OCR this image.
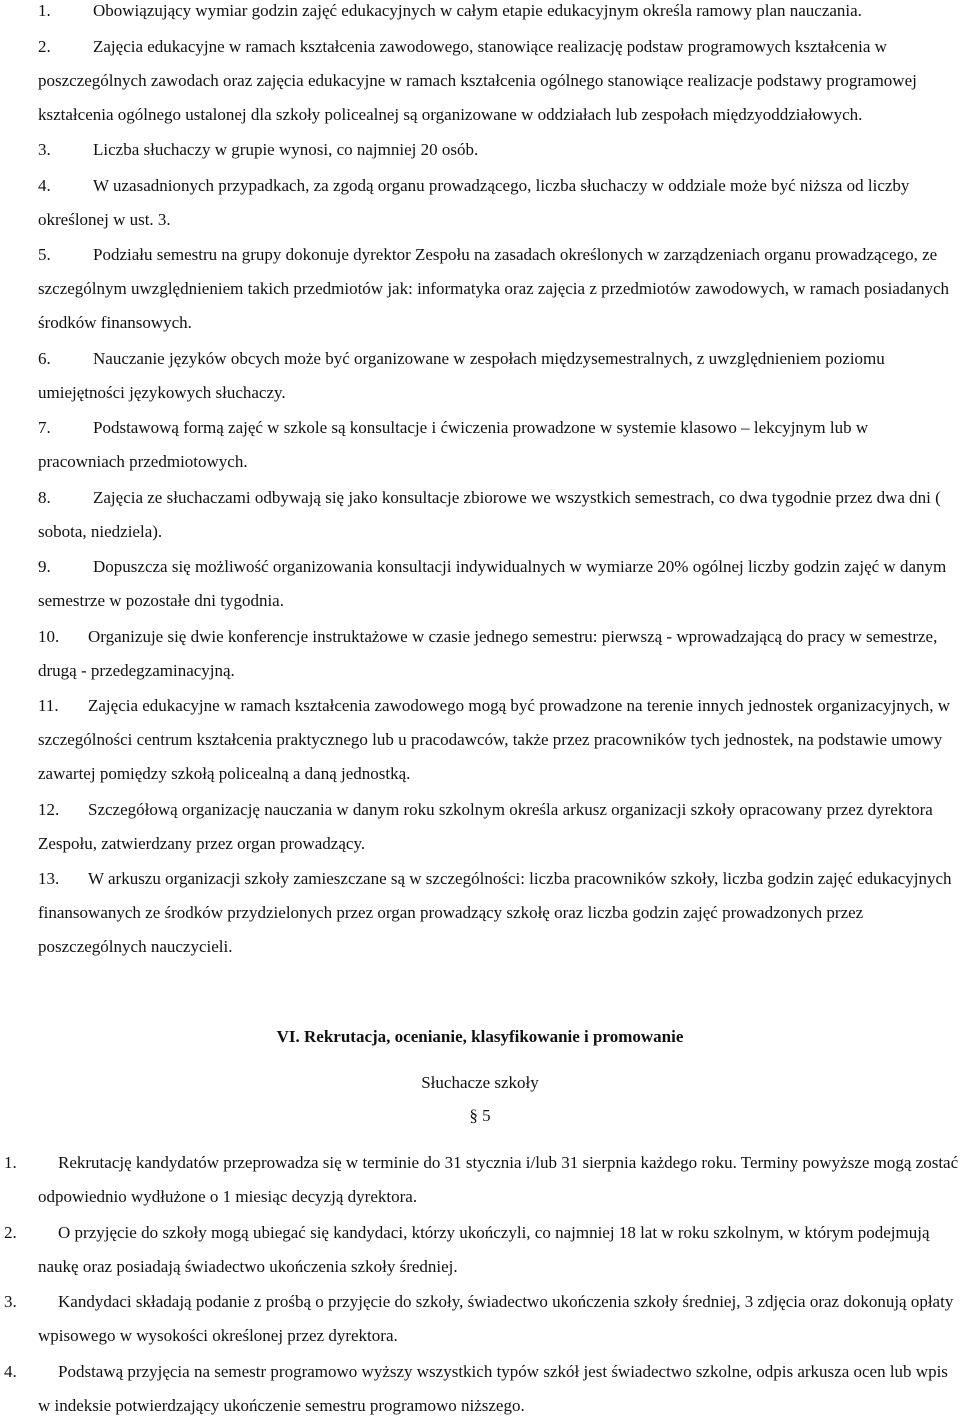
1. Obowiązujący wymiar godzin zajęć edukacyjnych w całym etapie edukacyjnym określa ramowy plan nauczania.

2. Zajęcia edukacyjne w ramach kształcenia zawodowego, stanowiące realizację podstaw programowych kształcenia w poszczególnych zawodach oraz zajęcia edukacyjne w ramach kształcenia ogólnego stanowiące realizacje podstawy programowej kształcenia ogólnego ustalonej dla szkoły policealnej są organizowane w oddziałach lub zespołach międzyoddziałowych.

3. Liczba słuchaczy w grupie wynosi, co najmniej 20 osób.

4. W uzasadnionych przypadkach, za zgodą organu prowadzącego, liczba słuchaczy w oddziale może być niższa od liczby określonej w ust. 3.

5. Podziału semestru na grupy dokonuje dyrektor Zespołu na zasadach określonych w zarządzeniach organu prowadzącego, ze szczególnym uwzględnieniem takich przedmiotów jak: informatyka oraz zajęcia z przedmiotów zawodowych, w ramach posiadanych środków finansowych.

6. Nauczanie języków obcych może być organizowane w zespołach międzysemestralnych, z uwzględnieniem poziomu umiejętności językowych słuchaczy.

7. Podstawową formą zajęć w szkole są konsultacje i ćwiczenia prowadzone w systemie klasowo – lekcyjnym lub w pracowniach przedmiotowych.

8. Zajęcia ze słuchaczami odbywają się jako konsultacje zbiorowe we wszystkich semestrach, co dwa tygodnie przez dwa dni ( sobota, niedziela).

9. Dopuszcza się możliwość organizowania konsultacji indywidualnych w wymiarze 20% ogólnej liczby godzin zajęć w danym semestrze w pozostałe dni tygodnia.

10. Organizuje się dwie konferencje instruktażowe w czasie jednego semestru: pierwszą - wprowadzającą do pracy w semestrze, drugą - przedegzaminacyjną.

11. Zajęcia edukacyjne w ramach kształcenia zawodowego mogą być prowadzone na terenie innych jednostek organizacyjnych, w szczególności centrum kształcenia praktycznego lub u pracodawców, także przez pracowników tych jednostek, na podstawie umowy zawartej pomiędzy szkołą policealną a daną jednostką.

12. Szczegółową organizację nauczania w danym roku szkolnym określa arkusz organizacji szkoły opracowany przez dyrektora Zespołu, zatwierdzany przez organ prowadzący.

13. W arkuszu organizacji szkoły zamieszczane są w szczególności: liczba pracowników szkoły, liczba godzin zajęć edukacyjnych finansowanych ze środków przydzielonych przez organ prowadzący szkołę oraz liczba godzin zajęć prowadzonych przez poszczególnych nauczycieli.

VI. Rekrutacja, ocenianie, klasyfikowanie i promowanie
Słuchacze szkoły
§ 5

1. Rekrutację kandydatów przeprowadza się w terminie do 31 stycznia i/lub 31 sierpnia każdego roku. Terminy powyższe mogą zostać odpowiednio wydłużone o 1 miesiąc decyzją dyrektora.

2. O przyjęcie do szkoły mogą ubiegać się kandydaci, którzy ukończyli, co najmniej 18 lat w roku szkolnym, w którym podejmują naukę oraz posiadają świadectwo ukończenia szkoły średniej.

3. Kandydaci składają podanie z prośbą o przyjęcie do szkoły, świadectwo ukończenia szkoły średniej, 3 zdjęcia oraz dokonują opłaty wpisowego w wysokości określonej przez dyrektora.

4. Podstawą przyjęcia na semestr programowo wyższy wszystkich typów szkół jest świadectwo szkolne, odpis arkusza ocen lub wpis w indeksie potwierdzający ukończenie semestru programowo niższego.
